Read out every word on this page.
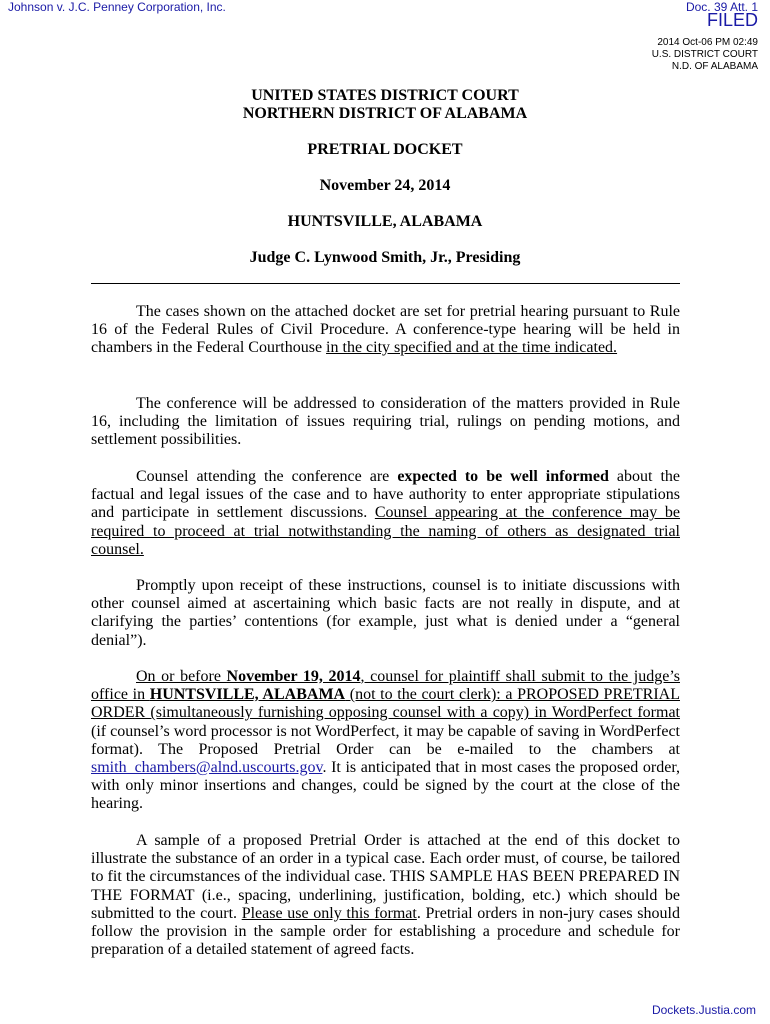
Johnson v. J.C. Penney Corporation, Inc.	Doc. 39 Att. 1
FILED
2014 Oct-06 PM 02:49
U.S. DISTRICT COURT
N.D. OF ALABAMA
UNITED STATES DISTRICT COURT
NORTHERN DISTRICT OF ALABAMA
PRETRIAL DOCKET
November 24, 2014
HUNTSVILLE, ALABAMA
Judge C. Lynwood Smith, Jr., Presiding
The cases shown on the attached docket are set for pretrial hearing pursuant to Rule 16 of the Federal Rules of Civil Procedure. A conference-type hearing will be held in chambers in the Federal Courthouse in the city specified and at the time indicated.
The conference will be addressed to consideration of the matters provided in Rule 16, including the limitation of issues requiring trial, rulings on pending motions, and settlement possibilities.
Counsel attending the conference are expected to be well informed about the factual and legal issues of the case and to have authority to enter appropriate stipulations and participate in settlement discussions. Counsel appearing at the conference may be required to proceed at trial notwithstanding the naming of others as designated trial counsel.
Promptly upon receipt of these instructions, counsel is to initiate discussions with other counsel aimed at ascertaining which basic facts are not really in dispute, and at clarifying the parties’ contentions (for example, just what is denied under a “general denial”).
On or before November 19, 2014, counsel for plaintiff shall submit to the judge’s office in HUNTSVILLE, ALABAMA (not to the court clerk): a PROPOSED PRETRIAL ORDER (simultaneously furnishing opposing counsel with a copy) in WordPerfect format (if counsel’s word processor is not WordPerfect, it may be capable of saving in WordPerfect format). The Proposed Pretrial Order can be e-mailed to the chambers at smith_chambers@alnd.uscourts.gov. It is anticipated that in most cases the proposed order, with only minor insertions and changes, could be signed by the court at the close of the hearing.
A sample of a proposed Pretrial Order is attached at the end of this docket to illustrate the substance of an order in a typical case. Each order must, of course, be tailored to fit the circumstances of the individual case. THIS SAMPLE HAS BEEN PREPARED IN THE FORMAT (i.e., spacing, underlining, justification, bolding, etc.) which should be submitted to the court. Please use only this format. Pretrial orders in non-jury cases should follow the provision in the sample order for establishing a procedure and schedule for preparation of a detailed statement of agreed facts.
Dockets.Justia.com
